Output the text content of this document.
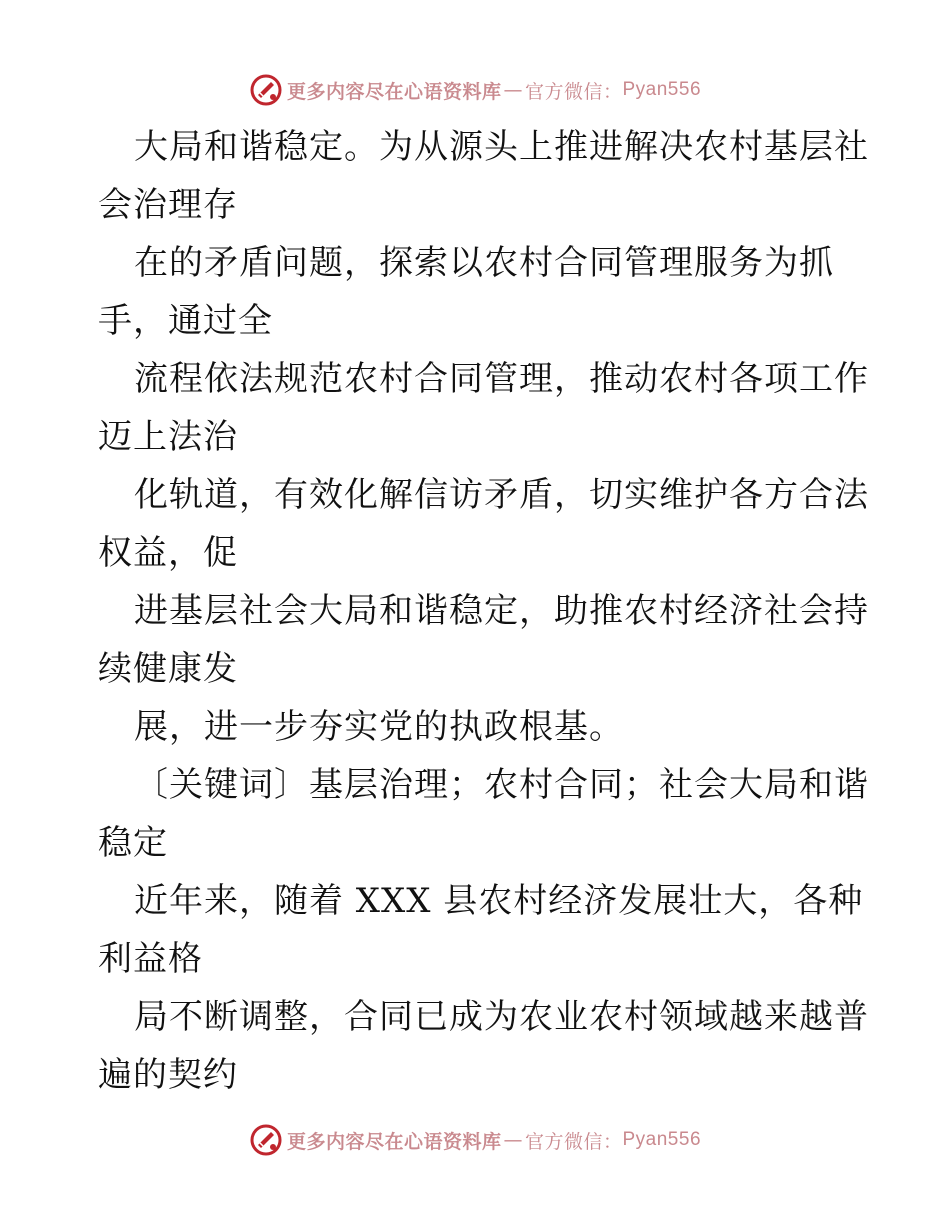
更多内容尽在心语资料库 — 官方微信： Pyan556
大局和谐稳定。为从源头上推进解决农村基层社
会治理存
在的矛盾问题，探索以农村合同管理服务为抓
手，通过全
流程依法规范农村合同管理，推动农村各项工作
迈上法治
化轨道，有效化解信访矛盾，切实维护各方合法
权益，促
进基层社会大局和谐稳定，助推农村经济社会持
续健康发
展，进一步夯实党的执政根基。
〔关键词〕基层治理；农村合同；社会大局和谐
稳定
近年来，随着 XXX 县农村经济发展壮大，各种
利益格
局不断调整，合同已成为农业农村领域越来越普
遍的契约
更多内容尽在心语资料库 — 官方微信： Pyan556
